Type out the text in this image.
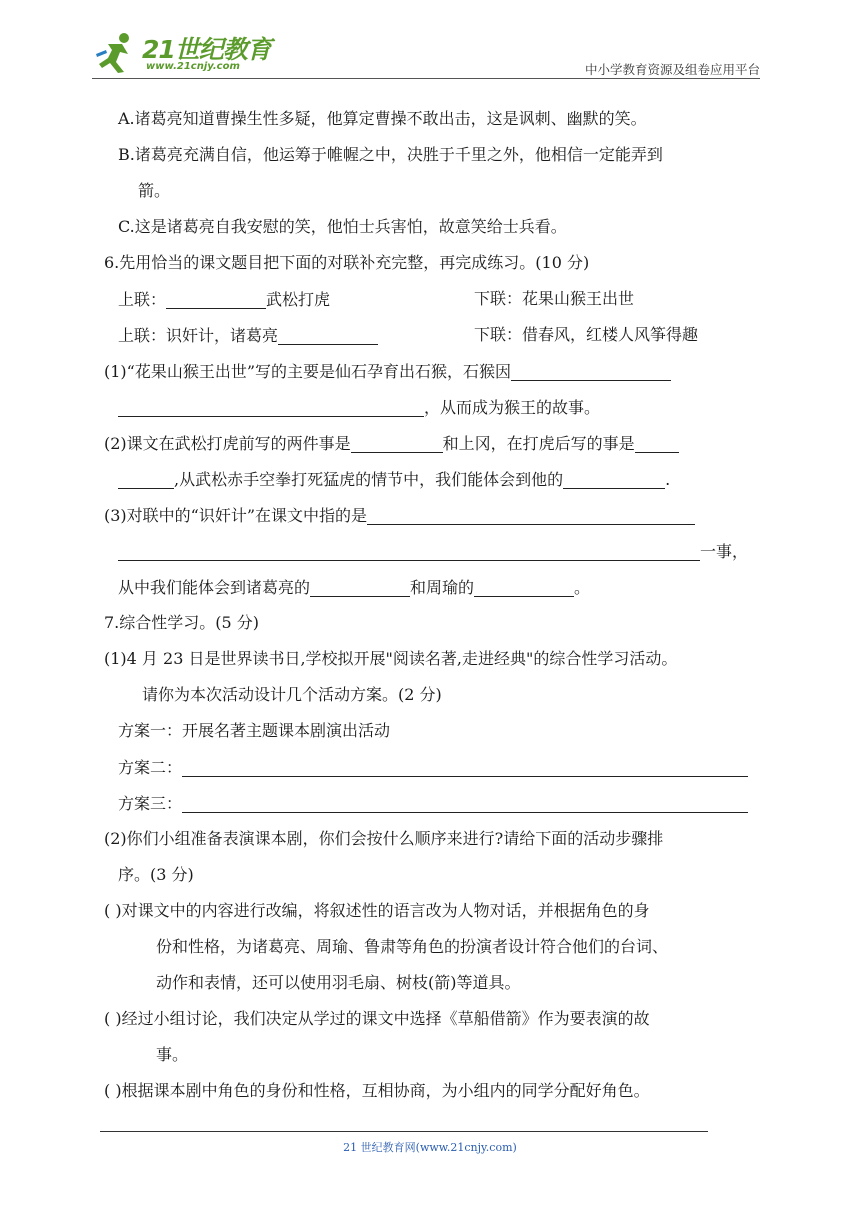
21世纪教育
www.21cnjy.com	中小学教育资源及组卷应用平台
A.诸葛亮知道曹操生性多疑，他算定曹操不敢出击，这是讽刺、幽默的笑。
B.诸葛亮充满自信，他运筹于帷幄之中，决胜于千里之外，他相信一定能弄到
箭。
C.这是诸葛亮自我安慰的笑，他怕士兵害怕，故意笑给士兵看。
6.先用恰当的课文题目把下面的对联补充完整，再完成练习。(10 分)
上联：	武松打虎	下联：花果山猴王出世
上联：识奸计，诸葛亮	下联：借春风，红楼人风筝得趣
(1)“花果山猴王出世”写的主要是仙石孕育出石猴，石猴因
，从而成为猴王的故事。
(2)课文在武松打虎前写的两件事是	和上冈，在打虎后写的事是
,从武松赤手空拳打死猛虎的情节中，我们能体会到他的	.
(3)对联中的“识奸计”在课文中指的是
一事，
从中我们能体会到诸葛亮的	和周瑜的	。
7.综合性学习。(5 分)
(1)4 月 23 日是世界读书日,学校拟开展"阅读名著,走进经典"的综合性学习活动。
请你为本次活动设计几个活动方案。(2 分)
方案一：开展名著主题课本剧演出活动
方案二：
方案三：
(2)你们小组准备表演课本剧，你们会按什么顺序来进行?请给下面的活动步骤排
序。(3 分)
( )对课文中的内容进行改编，将叙述性的语言改为人物对话，并根据角色的身
份和性格，为诸葛亮、周瑜、鲁肃等角色的扮演者设计符合他们的台词、
动作和表情，还可以使用羽毛扇、树枝(箭)等道具。
( )经过小组讨论，我们决定从学过的课文中选择《草船借箭》作为要表演的故
事。
( )根据课本剧中角色的身份和性格，互相协商，为小组内的同学分配好角色。
21 世纪教育网(www.21cnjy.com)
